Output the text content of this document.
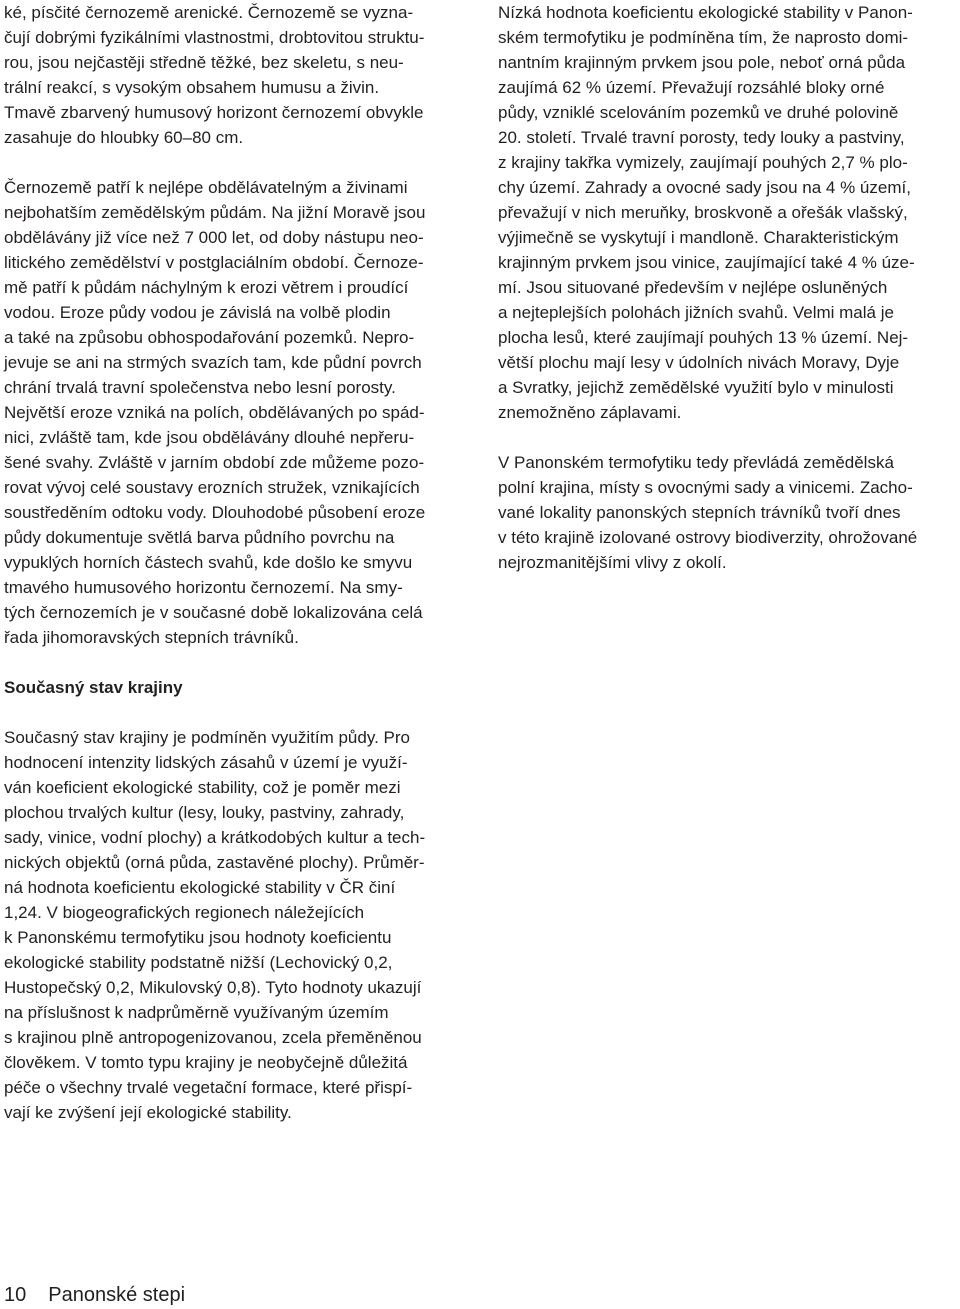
ké, písčité černozemě arenické. Černozemě se vyzna-
čují dobrými fyzikálními vlastnostmi, drobtovitou struktu-
rou, jsou nejčastěji středně těžké, bez skeletu, s neu-
trální reakcí, s vysokým obsahem humusu a živin.
Tmavě zbarvený humusový horizont černozemí obvykle
zasahuje do hloubky 60–80 cm.
Černozemě patří k nejlépe obdělávatelným a živinami
nejbohatším zemědělským půdám. Na jižní Moravě jsou
obdělávány již více než 7 000 let, od doby nástupu neo-
litického zemědělství v postglaciálním období. Černoze-
mě patří k půdám náchylným k erozi větrem i proudící
vodou. Eroze půdy vodou je závislá na volbě plodin
a také na způsobu obhospodařování pozemků. Nepro-
jevuje se ani na strmých svazích tam, kde půdní povrch
chrání trvalá travní společenstva nebo lesní porosty.
Největší eroze vzniká na polích, obdělávaných po spád-
nici, zvláště tam, kde jsou obdělávány dlouhé nepřeru-
šené svahy. Zvláště v jarním období zde můžeme pozo-
rovat vývoj celé soustavy erozních stružek, vznikajících
soustředěním odtoku vody. Dlouhodobé působení eroze
půdy dokumentuje světlá barva půdního povrchu na
vypuklých horních částech svahů, kde došlo ke smyvu
tmavého humusového horizontu černozemí. Na smy-
tých černozemích je v současné době lokalizována celá
řada jihomoravských stepních trávníků.
Současný stav krajiny
Současný stav krajiny je podmíněn využitím půdy. Pro
hodnocení intenzity lidských zásahů v území je využí-
ván koeficient ekologické stability, což je poměr mezi
plochou trvalých kultur (lesy, louky, pastviny, zahrady,
sady, vinice, vodní plochy) a krátkodobých kultur a tech-
nických objektů (orná půda, zastavěné plochy). Průměr-
ná hodnota koeficientu ekologické stability v ČR činí
1,24. V biogeografických regionech náležejících
k Panonskému termofytiku jsou hodnoty koeficientu
ekologické stability podstatně nižší (Lechovický 0,2,
Hustopečský 0,2, Mikulovský 0,8). Tyto hodnoty ukazují
na příslušnost k nadprůměrně využívaným územím
s krajinou plně antropogenizovanou, zcela přeměněnou
člověkem. V tomto typu krajiny je neobyčejně důležitá
péče o všechny trvalé vegetační formace, které přispí-
vají ke zvýšení její ekologické stability.
Nízká hodnota koeficientu ekologické stability v Panon-
ském termofytiku je podmíněna tím, že naprosto domi-
nantním krajinným prvkem jsou pole, neboť orná půda
zaujímá 62 % území. Převažují rozsáhlé bloky orné
půdy, vzniklé scelováním pozemků ve druhé polovině
20. století. Trvalé travní porosty, tedy louky a pastviny,
z krajiny takřka vymizely, zaujímají pouhých 2,7 % plo-
chy území. Zahrady a ovocné sady jsou na 4 % území,
převažují v nich meruňky, broskvoně a ořešák vlašský,
výjimečně se vyskytují i mandloně. Charakteristickým
krajinným prvkem jsou vinice, zaujímající také 4 % úze-
mí. Jsou situované především v nejlépe osluněných
a nejteplejších polohách jižních svahů. Velmi malá je
plocha lesů, které zaujímají pouhých 13 % území. Nej-
větší plochu mají lesy v údolních nivách Moravy, Dyje
a Svratky, jejichž zemědělské využití bylo v minulosti
znemožněno záplavami.
V Panonském termofytiku tedy převládá zemědělská
polní krajina, místy s ovocnými sady a vinicemi. Zacho-
vané lokality panonských stepních trávníků tvoří dnes
v této krajině izolované ostrovy biodiverzity, ohrožované
nejrozmanitějšími vlivy z okolí.
10 Panonské stepi
